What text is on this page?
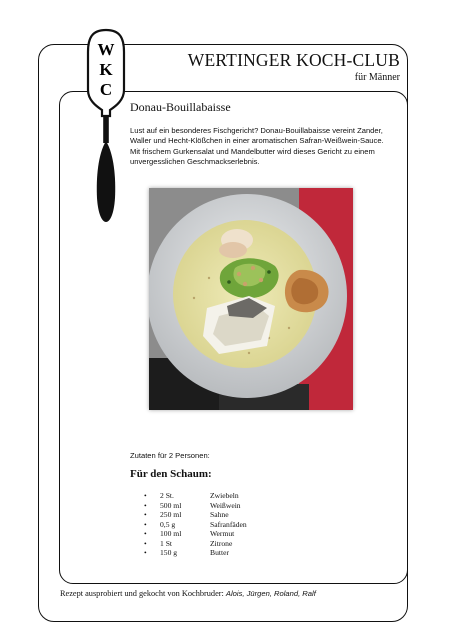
W
K
C
WERTINGER KOCH-CLUB
für Männer
Donau-Bouillabaisse
Lust auf ein besonderes Fischgericht? Donau-Bouillabaisse vereint Zander, Waller und Hecht-Klößchen in einer aromatischen Safran-Weißwein-Sauce. Mit frischem Gurkensalat und Mandelbutter wird dieses Gericht zu einem unvergesslichen Geschmackserlebnis.
Zutaten für 2 Personen:
Für den Schaum:
•	2 St.	Zwiebeln
•	500 ml	Weißwein
•	250 ml	Sahne
•	0,5 g	Safranfäden
•	100 ml	Wermut
•	1 St	Zitrone
•	150 g	Butter
Rezept ausprobiert und gekocht von Kochbruder: Alois, Jürgen, Roland, Ralf
